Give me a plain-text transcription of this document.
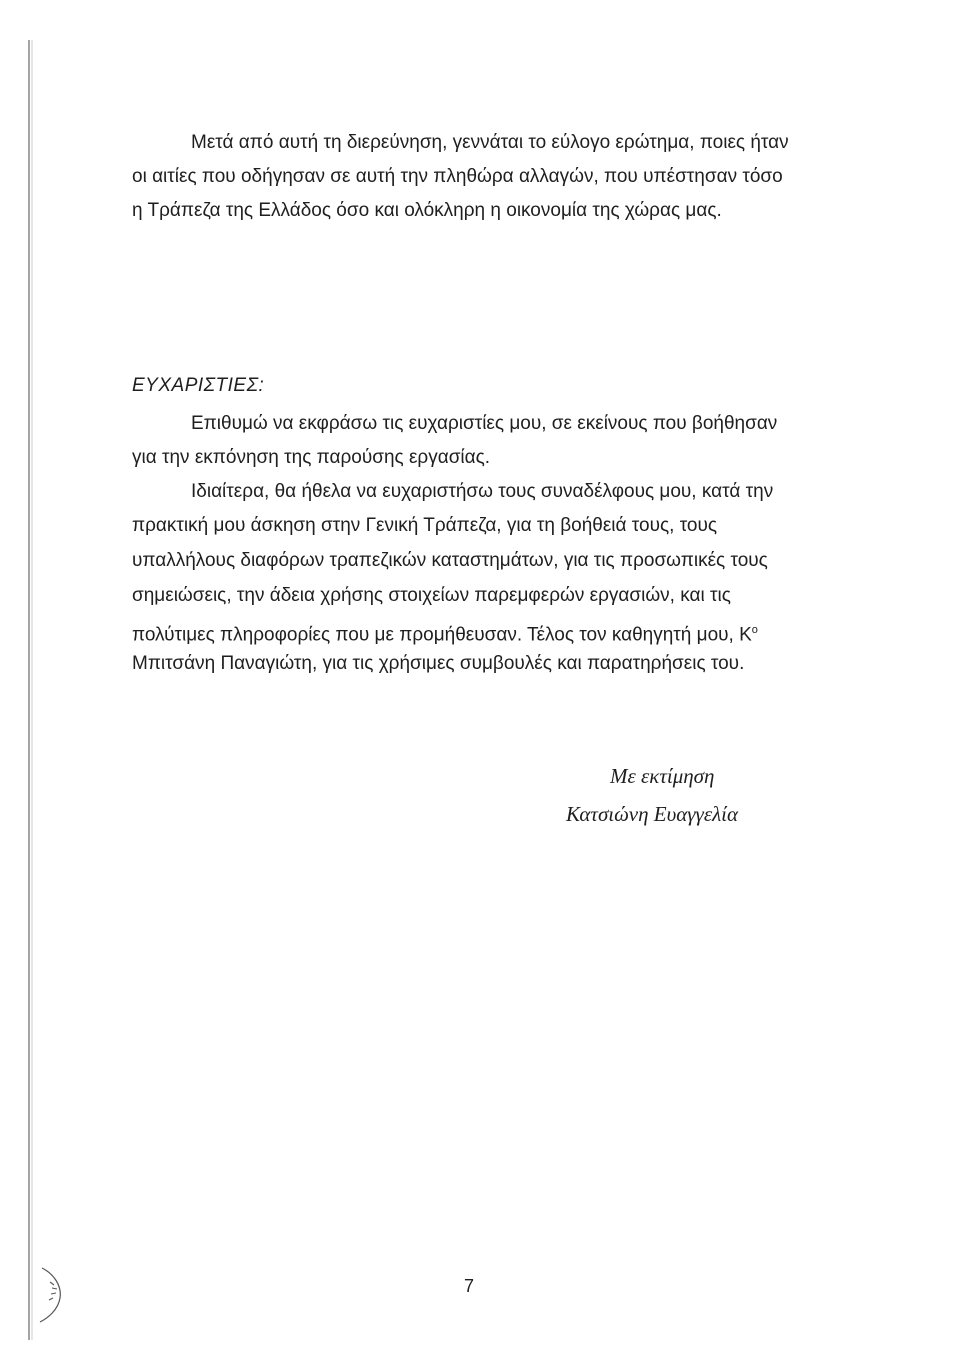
Μετά από αυτή τη διερεύνηση, γεννάται το εύλογο ερώτημα, ποιες ήταν
οι αιτίες που οδήγησαν σε αυτή την πληθώρα αλλαγών, που υπέστησαν τόσο
η Τράπεζα της Ελλάδος όσο και ολόκληρη η οικονομία της χώρας μας.
ΕΥΧΑΡΙΣΤΙΕΣ:
Επιθυμώ να εκφράσω τις ευχαριστίες μου, σε εκείνους που βοήθησαν
για την εκπόνηση της παρούσης εργασίας.
Ιδιαίτερα, θα ήθελα να ευχαριστήσω τους συναδέλφους μου, κατά την
πρακτική μου άσκηση στην Γενική Τράπεζα, για τη βοήθειά τους, τους
υπαλλήλους διαφόρων τραπεζικών καταστημάτων, για τις προσωπικές τους
σημειώσεις, την άδεια χρήσης στοιχείων παρεμφερών εργασιών, και τις
πολύτιμες πληροφορίες που με προμήθευσαν. Τέλος τον καθηγητή μου, $K^o$
Μπιτσάνη Παναγιώτη, για τις χρήσιμες συμβουλές και παρατηρήσεις του.
Με εκτίμηση
Κατσιώνη Ευαγγελία
7
